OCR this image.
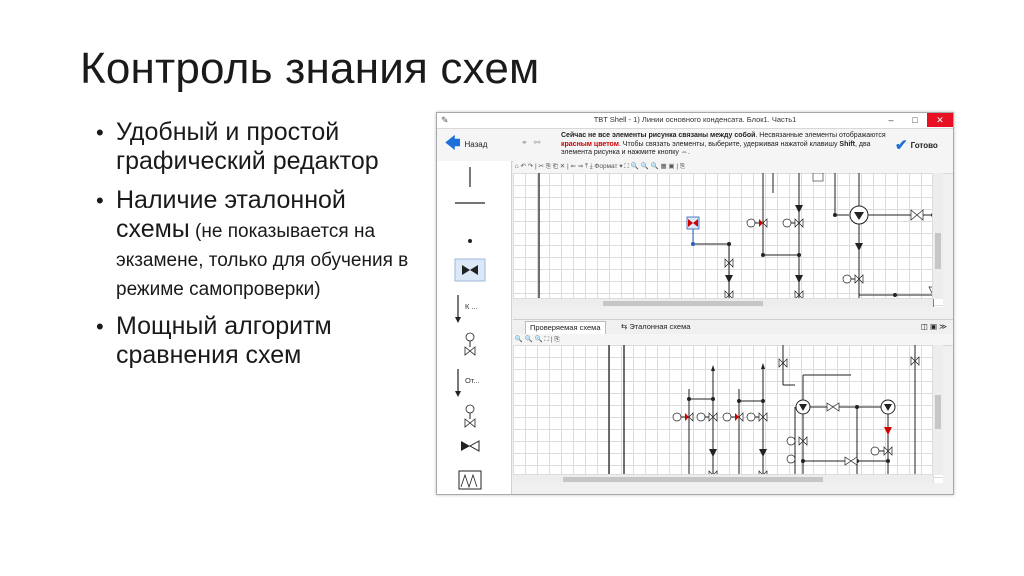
Контроль знания схем
• Удобный и простой графический редактор
• Наличие эталонной схемы (не показывается на экзамене, только для обучения в режиме самопроверки)
• Мощный алгоритм сравнения схем
✎	TBT Shell - 1) Линии основного конденсата. Блок1. Часть1	–	□	✕
🡄 Назад	⚭⚯
Сейчас не все элементы рисунка связаны между собой. Несвязанные элементы отображаются красным цветом. Чтобы связать элементы, выберите, удерживая нажатой клавишу Shift, два элемента рисунка и нажмите кнопку ⇔.	✔ Готово
К ...
От...
⌂ ↶ ↷ | ✂ ⎘ ⎗ ✕ | ⇐ ⇒ ⤒ ⤓ Формат ▾ ⛶ 🔍 🔍 🔍 ▦ ▣ | ⎘
Проверяемая схема	⇆ Эталонная схема	◫ ▣ ≫
🔍 🔍 🔍 ⛶ | ⎘
